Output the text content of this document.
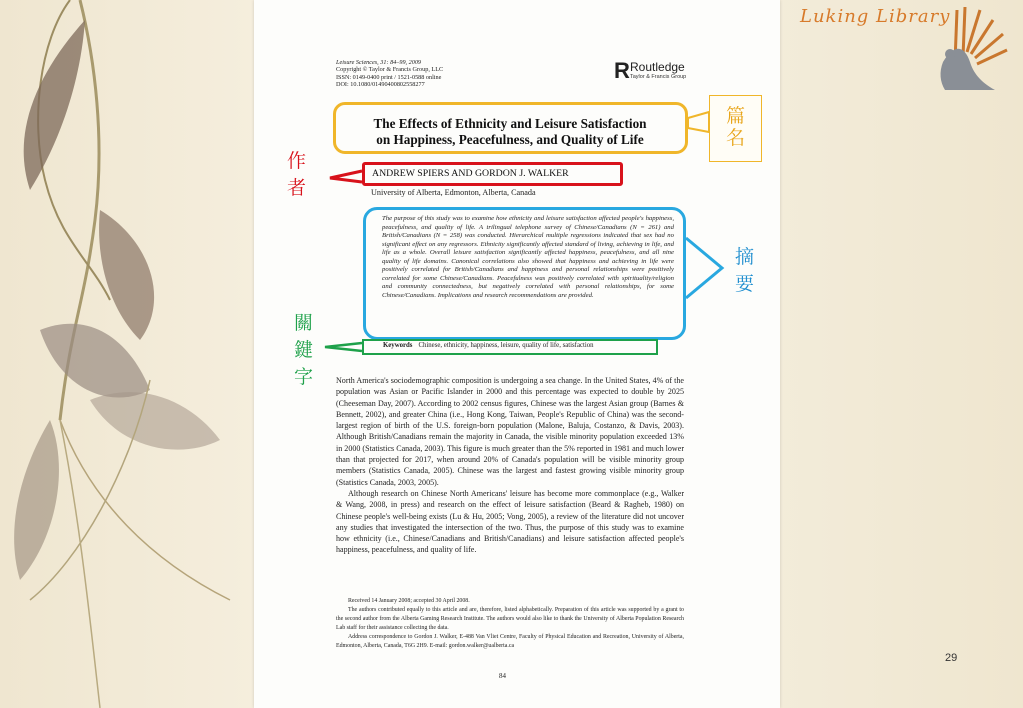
Luking Library
Leisure Sciences, 31: 84–99, 2009
Copyright © Taylor & Francis Group, LLC
ISSN: 0149-0400 print / 1521-0588 online
DOI: 10.1080/01490400802558277
R Routledge
Taylor & Francis Group
The Effects of Ethnicity and Leisure Satisfaction
on Happiness, Peacefulness, and Quality of Life
篇
名
ANDREW SPIERS AND GORDON J. WALKER
University of Alberta, Edmonton, Alberta, Canada
作
者
The purpose of this study was to examine how ethnicity and leisure satisfaction affected people's happiness, peacefulness, and quality of life. A trilingual telephone survey of Chinese/Canadians (N = 261) and British/Canadians (N = 258) was conducted. Hierarchical multiple regressions indicated that sex had no significant effect on any regressors. Ethnicity significantly affected standard of living, achieving in life, and life as a whole. Overall leisure satisfaction significantly affected happiness, peacefulness, and all nine quality of life domains. Canonical correlations also showed that happiness and achieving in life were positively correlated for British/Canadians and happiness and personal relationships were positively correlated for some Chinese/Canadians. Peacefulness was positively correlated with spirituality/religion and community connectedness, but negatively correlated with personal relationships, for some Chinese/Canadians. Implications and research recommendations are provided.
摘
要
Keywords Chinese, ethnicity, happiness, leisure, quality of life, satisfaction
關
鍵
字	North America's sociodemographic composition is undergoing a sea change. In the United States, 4% of the population was Asian or Pacific Islander in 2000 and this percentage was expected to double by 2025 (Cheeseman Day, 2007). According to 2002 census figures, Chinese was the largest Asian group (Barnes & Bennett, 2002), and greater China (i.e., Hong Kong, Taiwan, People's Republic of China) was the second-largest region of birth of the U.S. foreign-born population (Malone, Baluja, Costanzo, & Davis, 2003). Although British/Canadians remain the majority in Canada, the visible minority population exceeded 13% in 2000 (Statistics Canada, 2003). This figure is much greater than the 5% reported in 1981 and much lower than that projected for 2017, when around 20% of Canada's population will be visible minority group members (Statistics Canada, 2005). Chinese was the largest and fastest growing visible minority group (Statistics Canada, 2003, 2005).

Although research on Chinese North Americans' leisure has become more commonplace (e.g., Walker & Wang, 2008, in press) and research on the effect of leisure satisfaction (Beard & Ragheb, 1980) on Chinese people's well-being exists (Lu & Hu, 2005; Vong, 2005), a review of the literature did not uncover any studies that investigated the intersection of the two. Thus, the purpose of this study was to examine how ethnicity (i.e., Chinese/Canadians and British/Canadians) and leisure satisfaction affected people's happiness, peacefulness, and quality of life.

Received 14 January 2008; accepted 30 April 2008.

The authors contributed equally to this article and are, therefore, listed alphabetically. Preparation of this article was supported by a grant to the second author from the Alberta Gaming Research Institute. The authors would also like to thank the University of Alberta Population Research Lab staff for their assistance collecting the data.

Address correspondence to Gordon J. Walker, E-488 Van Vliet Centre, Faculty of Physical Education and Recreation, University of Alberta, Edmonton, Alberta, Canada, T6G 2H9. E-mail: gordon.walker@ualberta.ca

84
29
